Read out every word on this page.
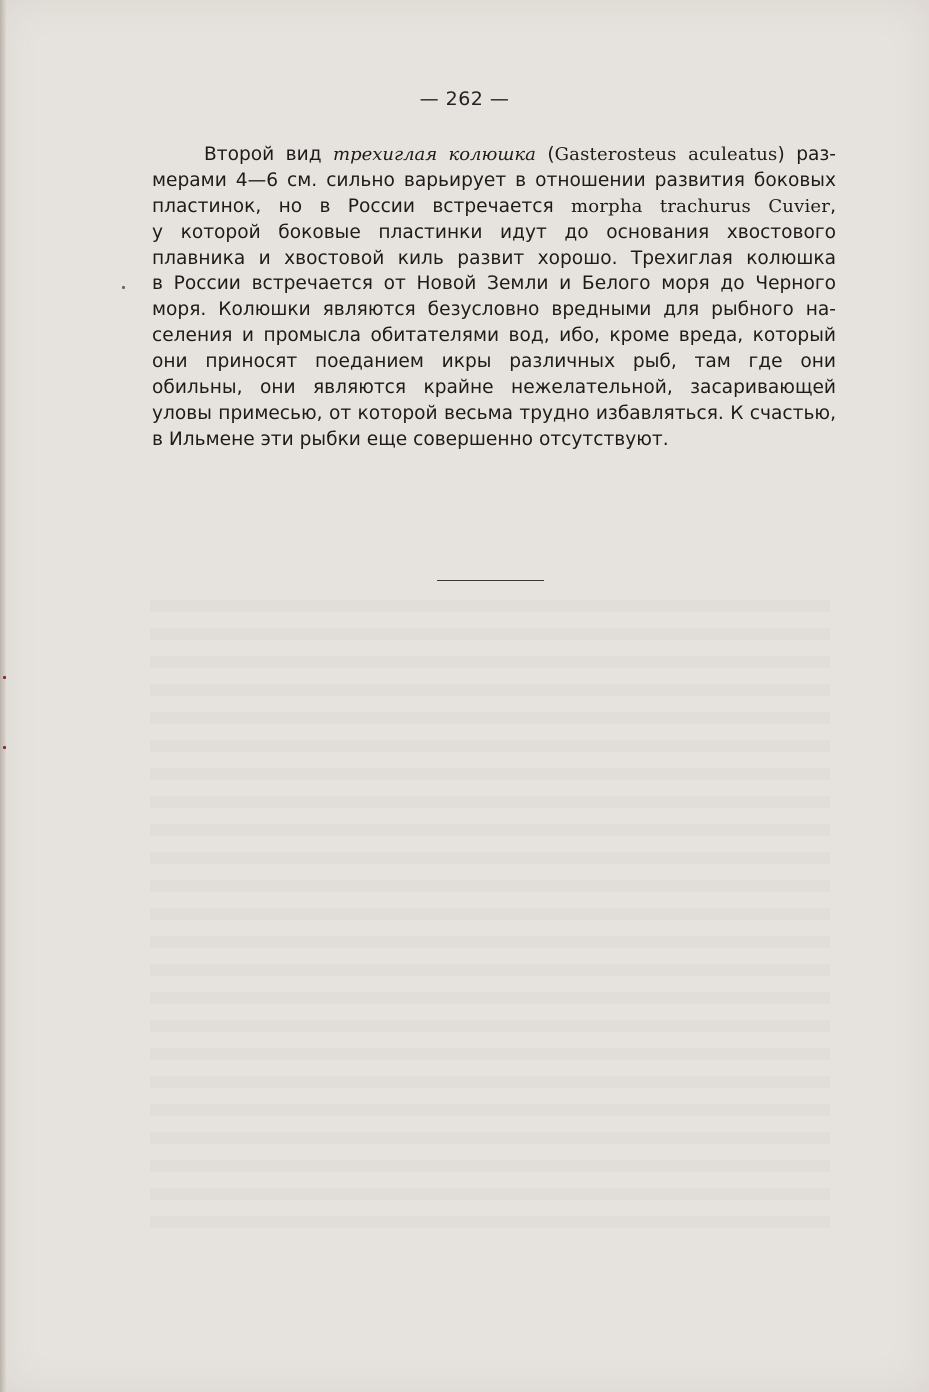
— 262 —
Второй вид трехиглая колюшка (Gasterosteus aculeatus) раз-
мерами 4—6 см. сильно варьирует в отношении развития боковых
пластинок, но в России встречается morpha trachurus Cuvier,
у которой боковые пластинки идут до основания хвостового
плавника и хвостовой киль развит хорошо. Трехиглая колюшка
в России встречается от Новой Земли и Белого моря до Черного
моря. Колюшки являются безусловно вредными для рыбного на-
селения и промысла обитателями вод, ибо, кроме вреда, который
они приносят поеданием икры различных рыб, там где они
обильны, они являются крайне нежелательной, засаривающей
уловы примесью, от которой весьма трудно избавляться. К счастью,
в Ильмене эти рыбки еще совершенно отсутствуют.
